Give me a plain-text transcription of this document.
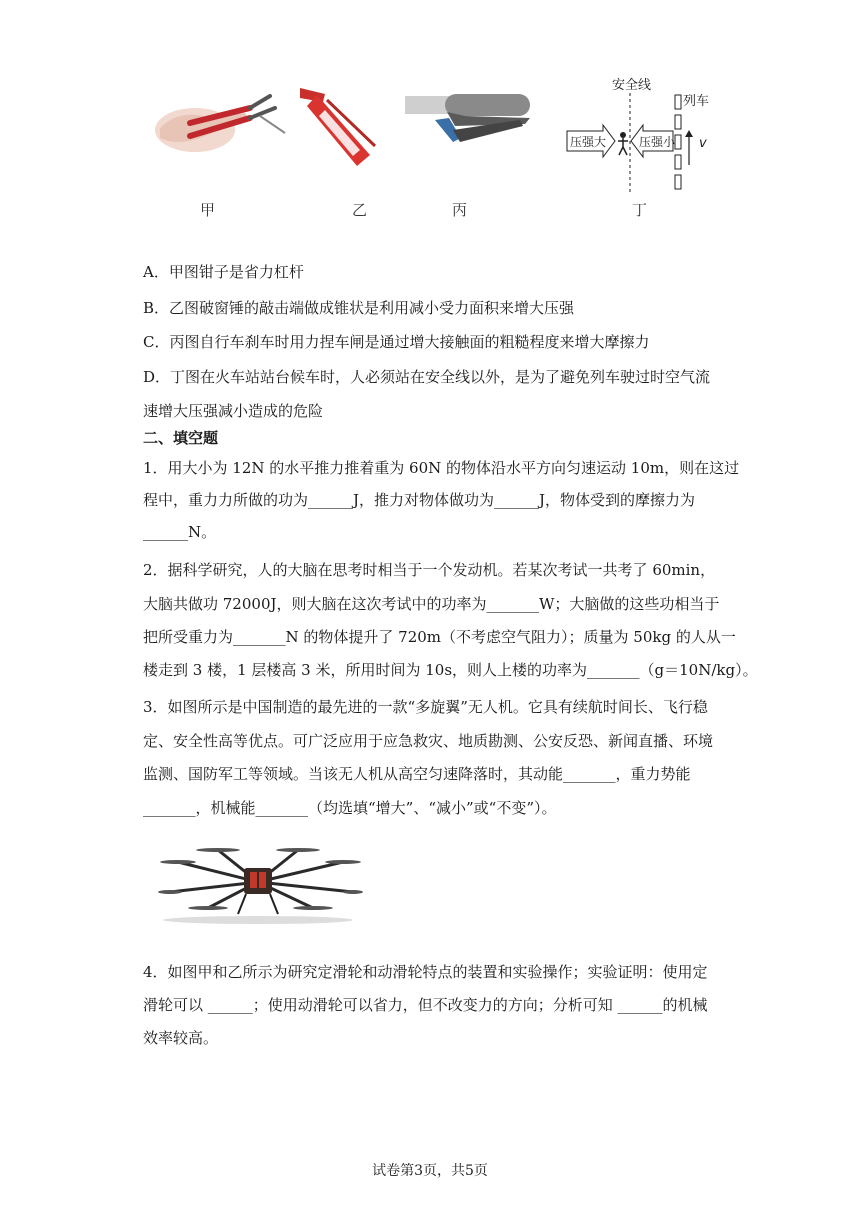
安全线
列车
压强大	压强小 v
甲	乙	丙	丁
A．甲图钳子是省力杠杆
B．乙图破窗锤的敲击端做成锥状是利用减小受力面积来增大压强
C．丙图自行车刹车时用力捏车闸是通过增大接触面的粗糙程度来增大摩擦力
D．丁图在火车站站台候车时，人必须站在安全线以外，是为了避免列车驶过时空气流
速增大压强减小造成的危险
二、填空题
1．用大小为 12N 的水平推力推着重为 60N 的物体沿水平方向匀速运动 10m，则在这过
程中，重力力所做的功为______J，推力对物体做功为______J，物体受到的摩擦力为
______N。
2．据科学研究，人的大脑在思考时相当于一个发动机。若某次考试一共考了 60min，
大脑共做功 72000J，则大脑在这次考试中的功率为_______W；大脑做的这些功相当于
把所受重力为_______N 的物体提升了 720m（不考虑空气阻力）；质量为 50kg 的人从一
楼走到 3 楼，1 层楼高 3 米，所用时间为 10s，则人上楼的功率为_______（g＝10N/kg）。
3．如图所示是中国制造的最先进的一款“多旋翼”无人机。它具有续航时间长、飞行稳
定、安全性高等优点。可广泛应用于应急救灾、地质勘测、公安反恐、新闻直播、环境
监测、国防军工等领域。当该无人机从高空匀速降落时，其动能_______，重力势能
_______，机械能_______（均选填“增大”、“减小”或“不变”）。
4．如图甲和乙所示为研究定滑轮和动滑轮特点的装置和实验操作；实验证明：使用定
滑轮可以 ______；使用动滑轮可以省力，但不改变力的方向；分析可知 ______的机械
效率较高。
试卷第3页，共5页
